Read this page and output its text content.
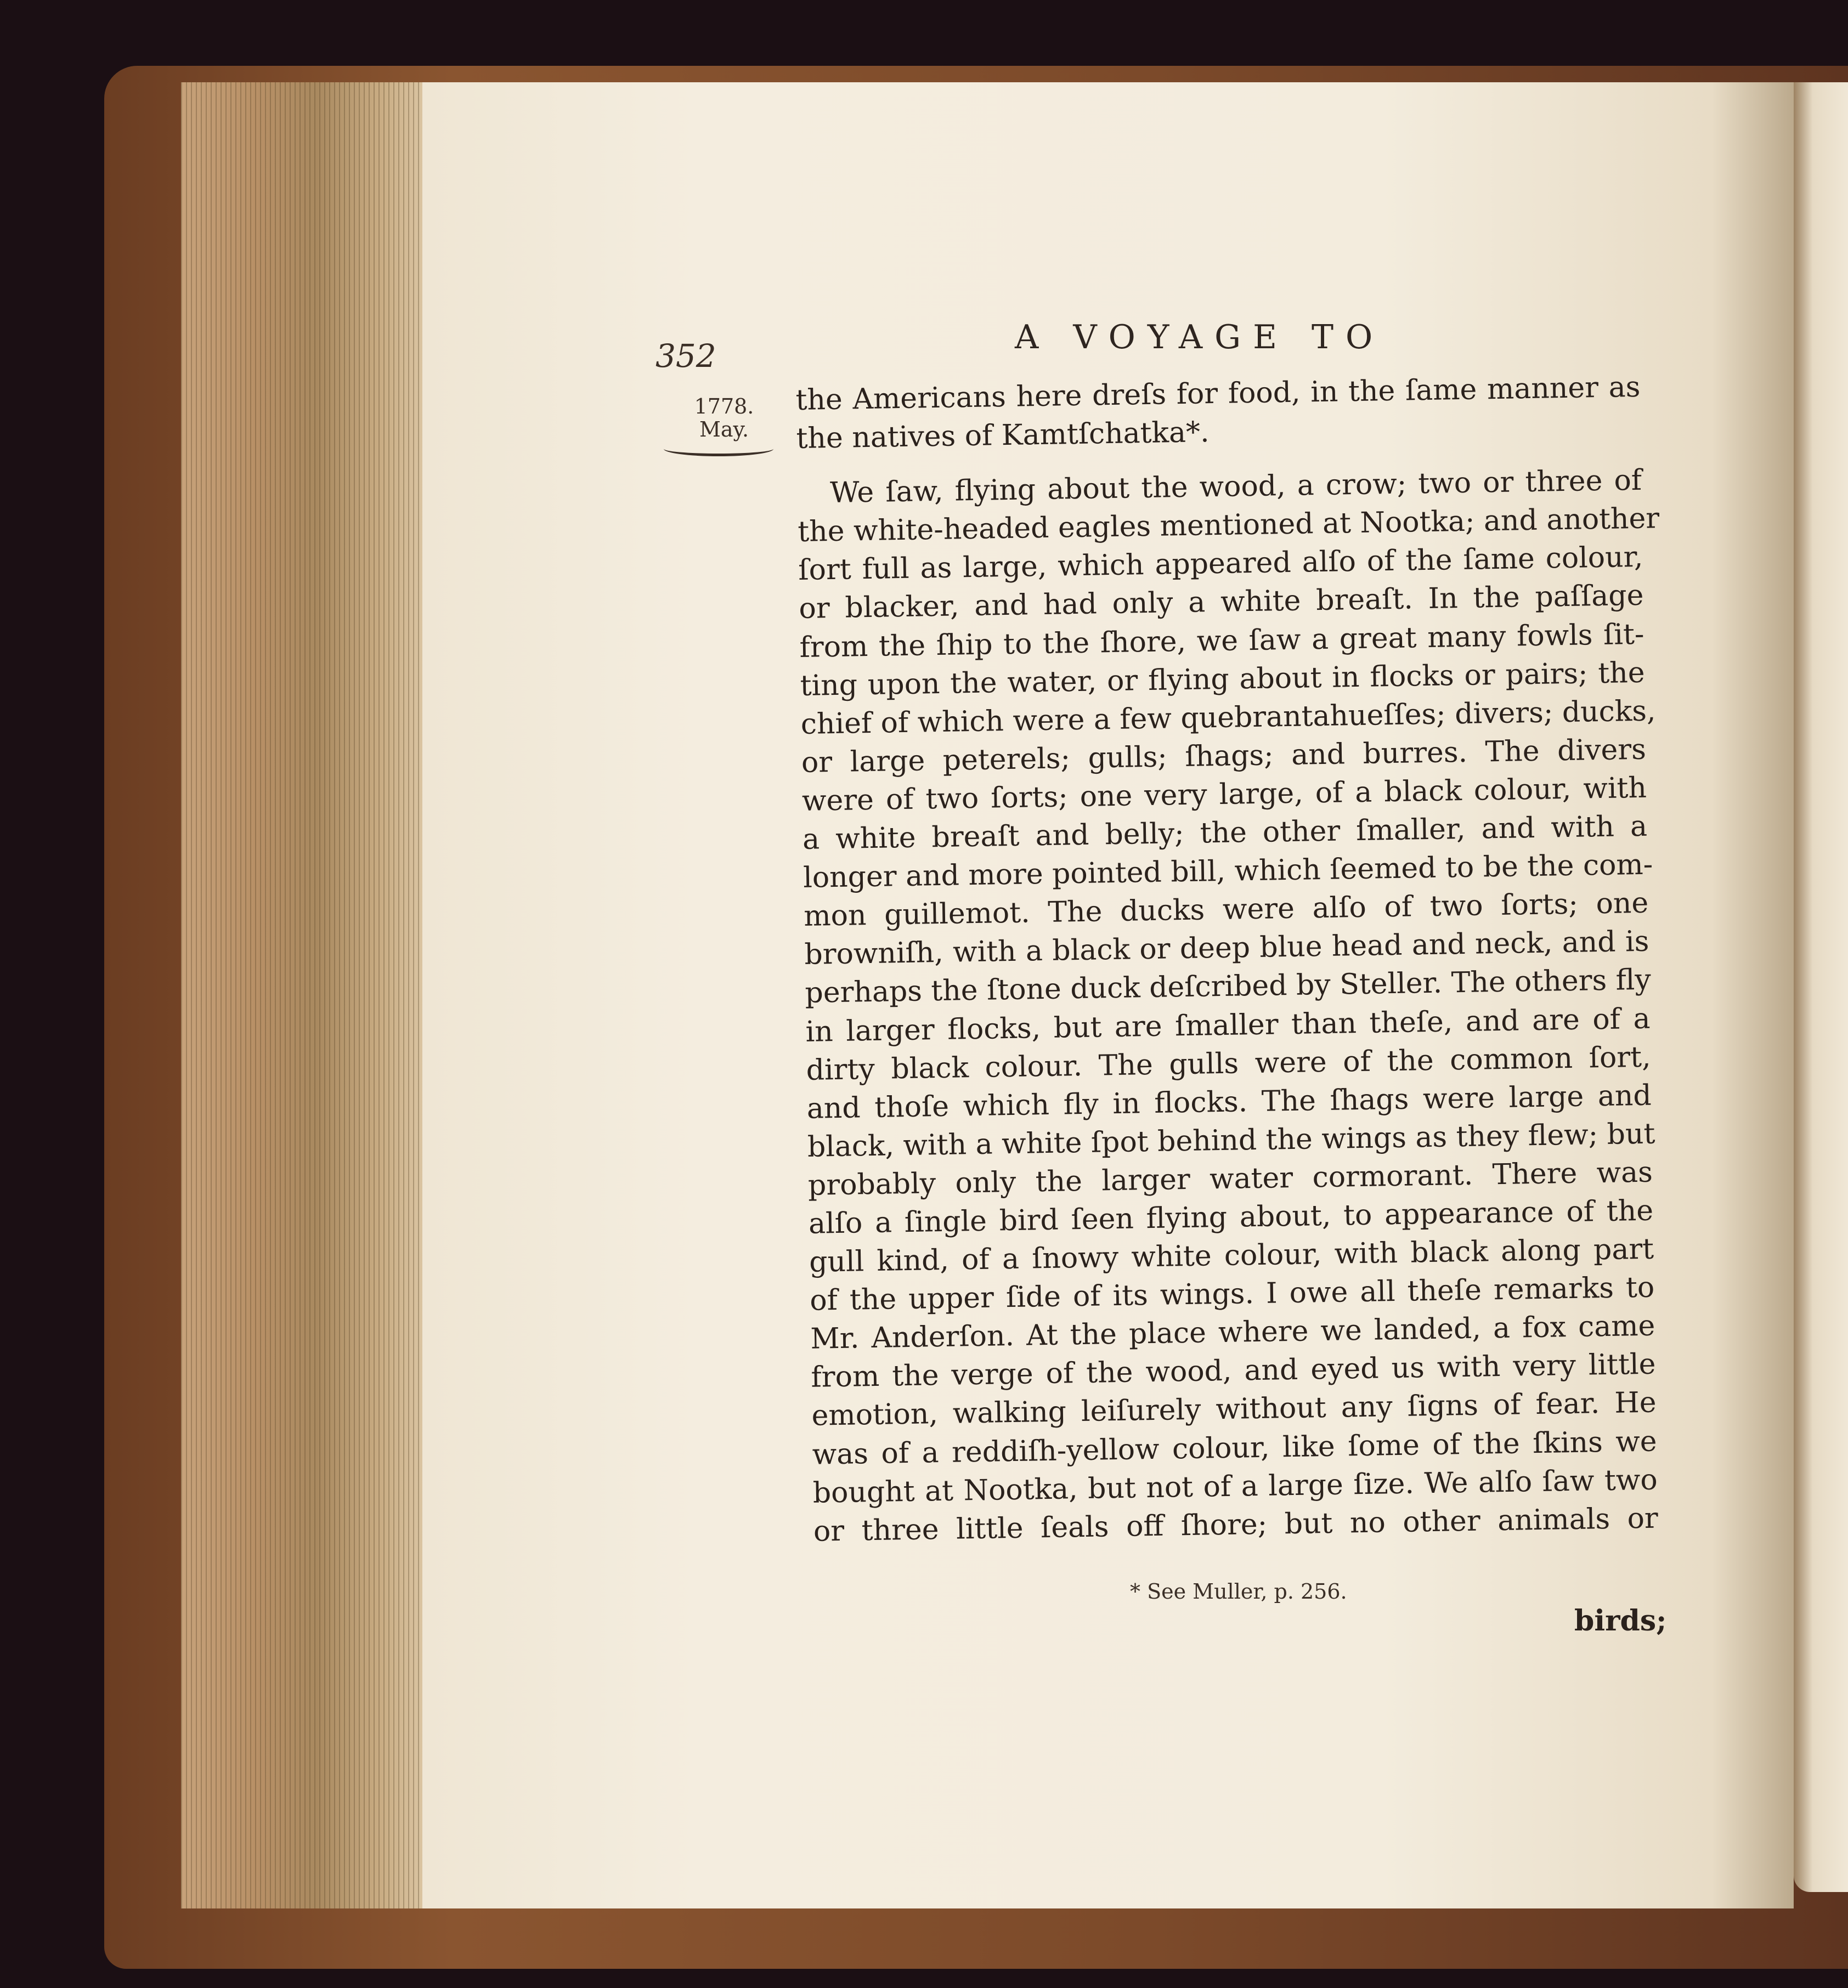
352	A VOYAGE TO
1778.
May.
the Americans here dreſs for food, in the ſame manner as
the natives of Kamtſchatka*.
We ſaw, flying about the wood, a crow; two or three of
the white-headed eagles mentioned at Nootka; and another
ſort full as large, which appeared alſo of the ſame colour,
or blacker, and had only a white breaſt. In the paſſage
from the ſhip to the ſhore, we ſaw a great many fowls ſit-
ting upon the water, or flying about in flocks or pairs; the
chief of which were a few quebrantahueſſes; divers; ducks,
or large peterels; gulls; ſhags; and burres. The divers
were of two ſorts; one very large, of a black colour, with
a white breaſt and belly; the other ſmaller, and with a
longer and more pointed bill, which ſeemed to be the com-
mon guillemot. The ducks were alſo of two ſorts; one
browniſh, with a black or deep blue head and neck, and is
perhaps the ſtone duck deſcribed by Steller. The others fly
in larger flocks, but are ſmaller than theſe, and are of a
dirty black colour. The gulls were of the common ſort,
and thoſe which fly in flocks. The ſhags were large and
black, with a white ſpot behind the wings as they flew; but
probably only the larger water cormorant. There was
alſo a ſingle bird ſeen flying about, to appearance of the
gull kind, of a ſnowy white colour, with black along part
of the upper ſide of its wings. I owe all theſe remarks to
Mr. Anderſon. At the place where we landed, a fox came
from the verge of the wood, and eyed us with very little
emotion, walking leiſurely without any ſigns of fear. He
was of a reddiſh-yellow colour, like ſome of the ſkins we
bought at Nootka, but not of a large ſize. We alſo ſaw two
or three little ſeals off ſhore; but no other animals or
* See Muller, p. 256.
birds;
